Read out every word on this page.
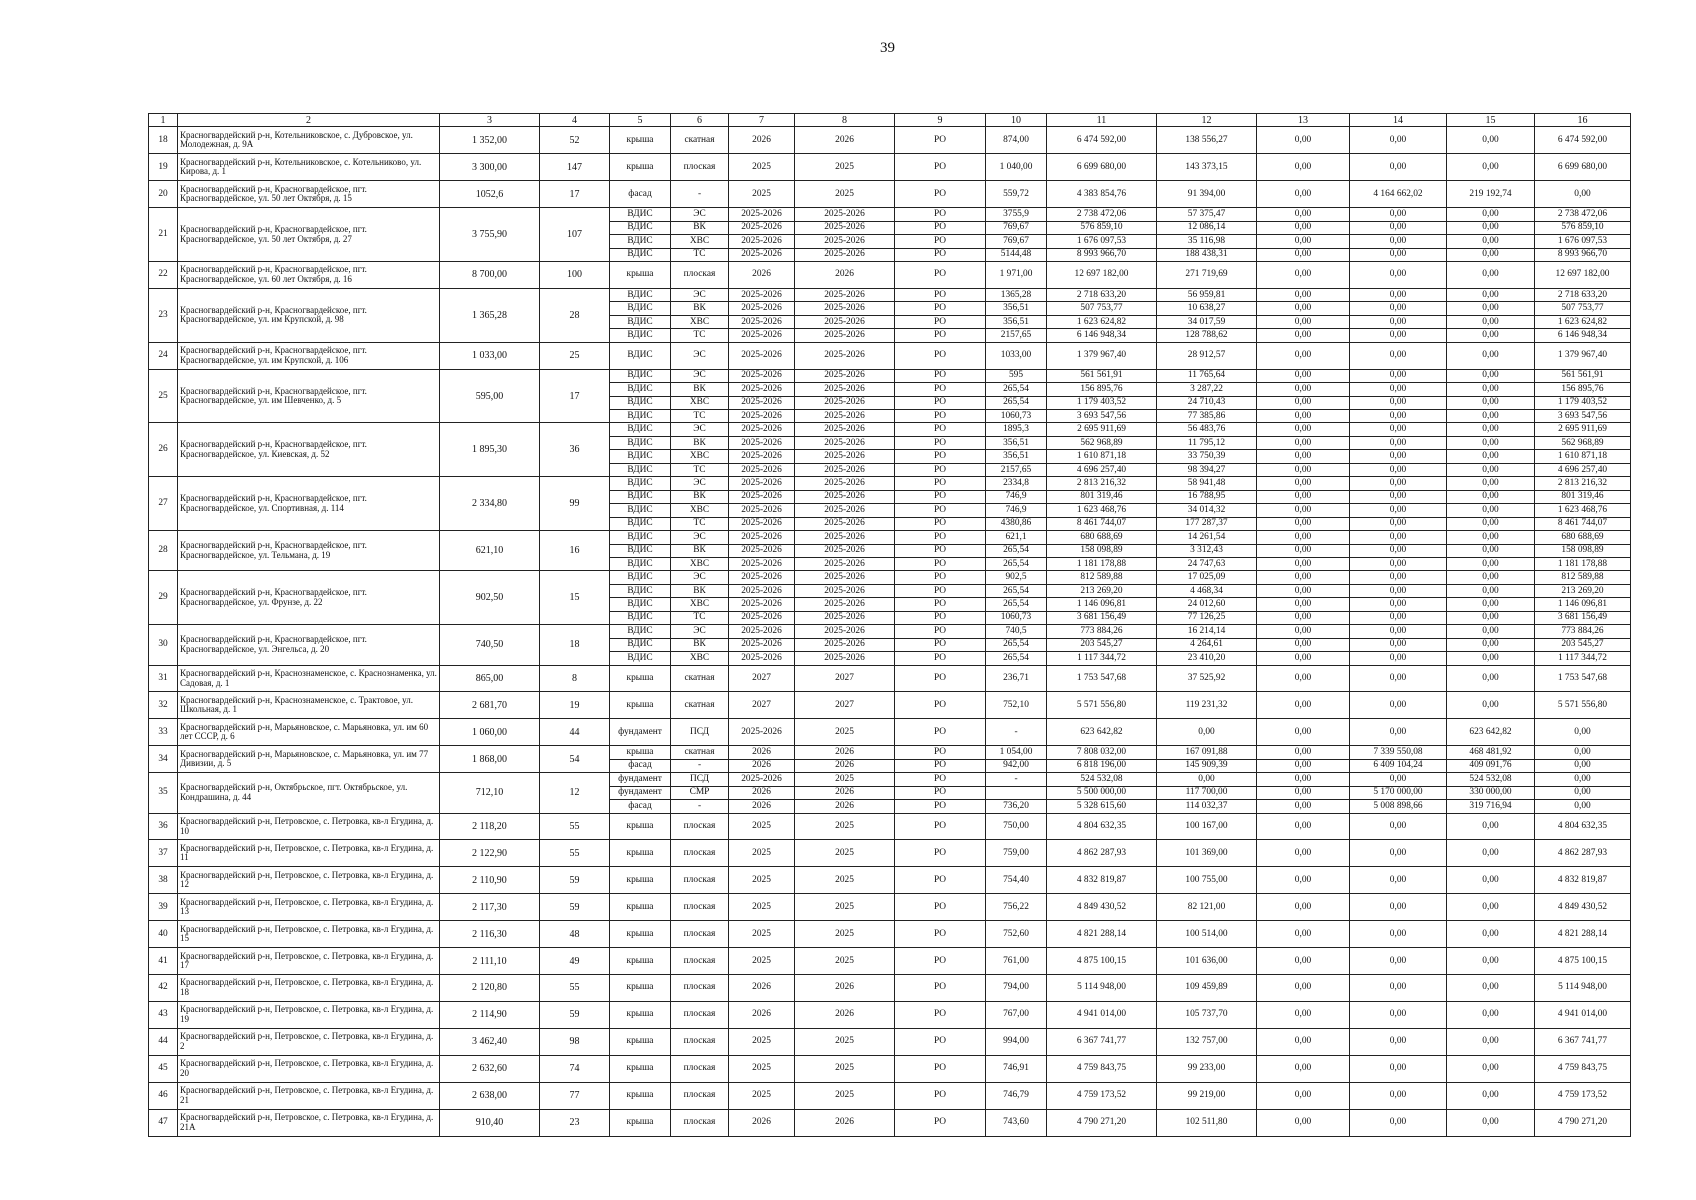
39
1	2	3	4	5	6	7	8	9	10	11	12	13	14	15	16
18	Красногвардейский р-н, Котельниковское, с. Дубровское, ул. Молодежная, д. 9А	1 352,00	52	крыша	скатная	2026	2026	РО	874,00	6 474 592,00	138 556,27	0,00	0,00	0,00	6 474 592,00
19	Красногвардейский р-н, Котельниковское, с. Котельниково, ул. Кирова, д. 1	3 300,00	147	крыша	плоская	2025	2025	РО	1 040,00	6 699 680,00	143 373,15	0,00	0,00	0,00	6 699 680,00
20	Красногвардейский р-н, Красногвардейское, пгт. Красногвардейское, ул. 50 лет Октября, д. 15	1052,6	17	фасад	-	2025	2025	РО	559,72	4 383 854,76	91 394,00	0,00	4 164 662,02	219 192,74	0,00
21	Красногвардейский р-н, Красногвардейское, пгт. Красногвардейское, ул. 50 лет Октября, д. 27	3 755,90	107	ВДИС	ЭС	2025-2026	2025-2026	РО	3755,9	2 738 472,06	57 375,47	0,00	0,00	0,00	2 738 472,06
				ВДИС	ВК	2025-2026	2025-2026	РО	769,67	576 859,10	12 086,14	0,00	0,00	0,00	576 859,10
				ВДИС	ХВС	2025-2026	2025-2026	РО	769,67	1 676 097,53	35 116,98	0,00	0,00	0,00	1 676 097,53
				ВДИС	ТС	2025-2026	2025-2026	РО	5144,48	8 993 966,70	188 438,31	0,00	0,00	0,00	8 993 966,70
22	Красногвардейский р-н, Красногвардейское, пгт. Красногвардейское, ул. 60 лет Октября, д. 16	8 700,00	100	крыша	плоская	2026	2026	РО	1 971,00	12 697 182,00	271 719,69	0,00	0,00	0,00	12 697 182,00
23	Красногвардейский р-н, Красногвардейское, пгт. Красногвардейское, ул. им Крупской, д. 98	1 365,28	28	ВДИС	ЭС	2025-2026	2025-2026	РО	1365,28	2 718 633,20	56 959,81	0,00	0,00	0,00	2 718 633,20
				ВДИС	ВК	2025-2026	2025-2026	РО	356,51	507 753,77	10 638,27	0,00	0,00	0,00	507 753,77
				ВДИС	ХВС	2025-2026	2025-2026	РО	356,51	1 623 624,82	34 017,59	0,00	0,00	0,00	1 623 624,82
				ВДИС	ТС	2025-2026	2025-2026	РО	2157,65	6 146 948,34	128 788,62	0,00	0,00	0,00	6 146 948,34
24	Красногвардейский р-н, Красногвардейское, пгт. Красногвардейское, ул. им Крупской, д. 106	1 033,00	25	ВДИС	ЭС	2025-2026	2025-2026	РО	1033,00	1 379 967,40	28 912,57	0,00	0,00	0,00	1 379 967,40
25	Красногвардейский р-н, Красногвардейское, пгт. Красногвардейское, ул. им Шевченко, д. 5	595,00	17	ВДИС	ЭС	2025-2026	2025-2026	РО	595	561 561,91	11 765,64	0,00	0,00	0,00	561 561,91
				ВДИС	ВК	2025-2026	2025-2026	РО	265,54	156 895,76	3 287,22	0,00	0,00	0,00	156 895,76
				ВДИС	ХВС	2025-2026	2025-2026	РО	265,54	1 179 403,52	24 710,43	0,00	0,00	0,00	1 179 403,52
				ВДИС	ТС	2025-2026	2025-2026	РО	1060,73	3 693 547,56	77 385,86	0,00	0,00	0,00	3 693 547,56
26	Красногвардейский р-н, Красногвардейское, пгт. Красногвардейское, ул. Киевская, д. 52	1 895,30	36	ВДИС	ЭС	2025-2026	2025-2026	РО	1895,3	2 695 911,69	56 483,76	0,00	0,00	0,00	2 695 911,69
				ВДИС	ВК	2025-2026	2025-2026	РО	356,51	562 968,89	11 795,12	0,00	0,00	0,00	562 968,89
				ВДИС	ХВС	2025-2026	2025-2026	РО	356,51	1 610 871,18	33 750,39	0,00	0,00	0,00	1 610 871,18
				ВДИС	ТС	2025-2026	2025-2026	РО	2157,65	4 696 257,40	98 394,27	0,00	0,00	0,00	4 696 257,40
27	Красногвардейский р-н, Красногвардейское, пгт. Красногвардейское, ул. Спортивная, д. 114	2 334,80	99	ВДИС	ЭС	2025-2026	2025-2026	РО	2334,8	2 813 216,32	58 941,48	0,00	0,00	0,00	2 813 216,32
				ВДИС	ВК	2025-2026	2025-2026	РО	746,9	801 319,46	16 788,95	0,00	0,00	0,00	801 319,46
				ВДИС	ХВС	2025-2026	2025-2026	РО	746,9	1 623 468,76	34 014,32	0,00	0,00	0,00	1 623 468,76
				ВДИС	ТС	2025-2026	2025-2026	РО	4380,86	8 461 744,07	177 287,37	0,00	0,00	0,00	8 461 744,07
28	Красногвардейский р-н, Красногвардейское, пгт. Красногвардейское, ул. Тельмана, д. 19	621,10	16	ВДИС	ЭС	2025-2026	2025-2026	РО	621,1	680 688,69	14 261,54	0,00	0,00	0,00	680 688,69
				ВДИС	ВК	2025-2026	2025-2026	РО	265,54	158 098,89	3 312,43	0,00	0,00	0,00	158 098,89
				ВДИС	ХВС	2025-2026	2025-2026	РО	265,54	1 181 178,88	24 747,63	0,00	0,00	0,00	1 181 178,88
29	Красногвардейский р-н, Красногвардейское, пгт. Красногвардейское, ул. Фрунзе, д. 22	902,50	15	ВДИС	ЭС	2025-2026	2025-2026	РО	902,5	812 589,88	17 025,09	0,00	0,00	0,00	812 589,88
				ВДИС	ВК	2025-2026	2025-2026	РО	265,54	213 269,20	4 468,34	0,00	0,00	0,00	213 269,20
				ВДИС	ХВС	2025-2026	2025-2026	РО	265,54	1 146 096,81	24 012,60	0,00	0,00	0,00	1 146 096,81
				ВДИС	ТС	2025-2026	2025-2026	РО	1060,73	3 681 156,49	77 126,25	0,00	0,00	0,00	3 681 156,49
30	Красногвардейский р-н, Красногвардейское, пгт. Красногвардейское, ул. Энгельса, д. 20	740,50	18	ВДИС	ЭС	2025-2026	2025-2026	РО	740,5	773 884,26	16 214,14	0,00	0,00	0,00	773 884,26
				ВДИС	ВК	2025-2026	2025-2026	РО	265,54	203 545,27	4 264,61	0,00	0,00	0,00	203 545,27
				ВДИС	ХВС	2025-2026	2025-2026	РО	265,54	1 117 344,72	23 410,20	0,00	0,00	0,00	1 117 344,72
31	Красногвардейский р-н, Краснознаменское, с. Краснознаменка, ул. Садовая, д. 1	865,00	8	крыша	скатная	2027	2027	РО	236,71	1 753 547,68	37 525,92	0,00	0,00	0,00	1 753 547,68
32	Красногвардейский р-н, Краснознаменское, с. Трактовое, ул. Школьная, д. 1	2 681,70	19	крыша	скатная	2027	2027	РО	752,10	5 571 556,80	119 231,32	0,00	0,00	0,00	5 571 556,80
33	Красногвардейский р-н, Марьяновское, с. Марьяновка, ул. им 60 лет СССР, д. 6	1 060,00	44	фундамент	ПСД	2025-2026	2025	РО	-	623 642,82	0,00	0,00	0,00	623 642,82	0,00
34	Красногвардейский р-н, Марьяновское, с. Марьяновка, ул. им 77 Дивизии, д. 5	1 868,00	54	крыша	скатная	2026	2026	РО	1 054,00	7 808 032,00	167 091,88	0,00	7 339 550,08	468 481,92	0,00
				фасад	-	2026	2026	РО	942,00	6 818 196,00	145 909,39	0,00	6 409 104,24	409 091,76	0,00
35	Красногвардейский р-н, Октябрьское, пгт. Октябрьское, ул. Кондрашина, д. 44	712,10	12	фундамент	ПСД	2025-2026	2025	РО	-	524 532,08	0,00	0,00	0,00	524 532,08	0,00
				фундамент	СМР	2026	2026	РО		5 500 000,00	117 700,00	0,00	5 170 000,00	330 000,00	0,00
				фасад	-	2026	2026	РО	736,20	5 328 615,60	114 032,37	0,00	5 008 898,66	319 716,94	0,00
36	Красногвардейский р-н, Петровское, с. Петровка, кв-л Егудина, д. 10	2 118,20	55	крыша	плоская	2025	2025	РО	750,00	4 804 632,35	100 167,00	0,00	0,00	0,00	4 804 632,35
37	Красногвардейский р-н, Петровское, с. Петровка, кв-л Егудина, д. 11	2 122,90	55	крыша	плоская	2025	2025	РО	759,00	4 862 287,93	101 369,00	0,00	0,00	0,00	4 862 287,93
38	Красногвардейский р-н, Петровское, с. Петровка, кв-л Егудина, д. 12	2 110,90	59	крыша	плоская	2025	2025	РО	754,40	4 832 819,87	100 755,00	0,00	0,00	0,00	4 832 819,87
39	Красногвардейский р-н, Петровское, с. Петровка, кв-л Егудина, д. 13	2 117,30	59	крыша	плоская	2025	2025	РО	756,22	4 849 430,52	82 121,00	0,00	0,00	0,00	4 849 430,52
40	Красногвардейский р-н, Петровское, с. Петровка, кв-л Егудина, д. 15	2 116,30	48	крыша	плоская	2025	2025	РО	752,60	4 821 288,14	100 514,00	0,00	0,00	0,00	4 821 288,14
41	Красногвардейский р-н, Петровское, с. Петровка, кв-л Егудина, д. 17	2 111,10	49	крыша	плоская	2025	2025	РО	761,00	4 875 100,15	101 636,00	0,00	0,00	0,00	4 875 100,15
42	Красногвардейский р-н, Петровское, с. Петровка, кв-л Егудина, д. 18	2 120,80	55	крыша	плоская	2026	2026	РО	794,00	5 114 948,00	109 459,89	0,00	0,00	0,00	5 114 948,00
43	Красногвардейский р-н, Петровское, с. Петровка, кв-л Егудина, д. 19	2 114,90	59	крыша	плоская	2026	2026	РО	767,00	4 941 014,00	105 737,70	0,00	0,00	0,00	4 941 014,00
44	Красногвардейский р-н, Петровское, с. Петровка, кв-л Егудина, д. 2	3 462,40	98	крыша	плоская	2025	2025	РО	994,00	6 367 741,77	132 757,00	0,00	0,00	0,00	6 367 741,77
45	Красногвардейский р-н, Петровское, с. Петровка, кв-л Егудина, д. 20	2 632,60	74	крыша	плоская	2025	2025	РО	746,91	4 759 843,75	99 233,00	0,00	0,00	0,00	4 759 843,75
46	Красногвардейский р-н, Петровское, с. Петровка, кв-л Егудина, д. 21	2 638,00	77	крыша	плоская	2025	2025	РО	746,79	4 759 173,52	99 219,00	0,00	0,00	0,00	4 759 173,52
47	Красногвардейский р-н, Петровское, с. Петровка, кв-л Егудина, д. 21А	910,40	23	крыша	плоская	2026	2026	РО	743,60	4 790 271,20	102 511,80	0,00	0,00	0,00	4 790 271,20
